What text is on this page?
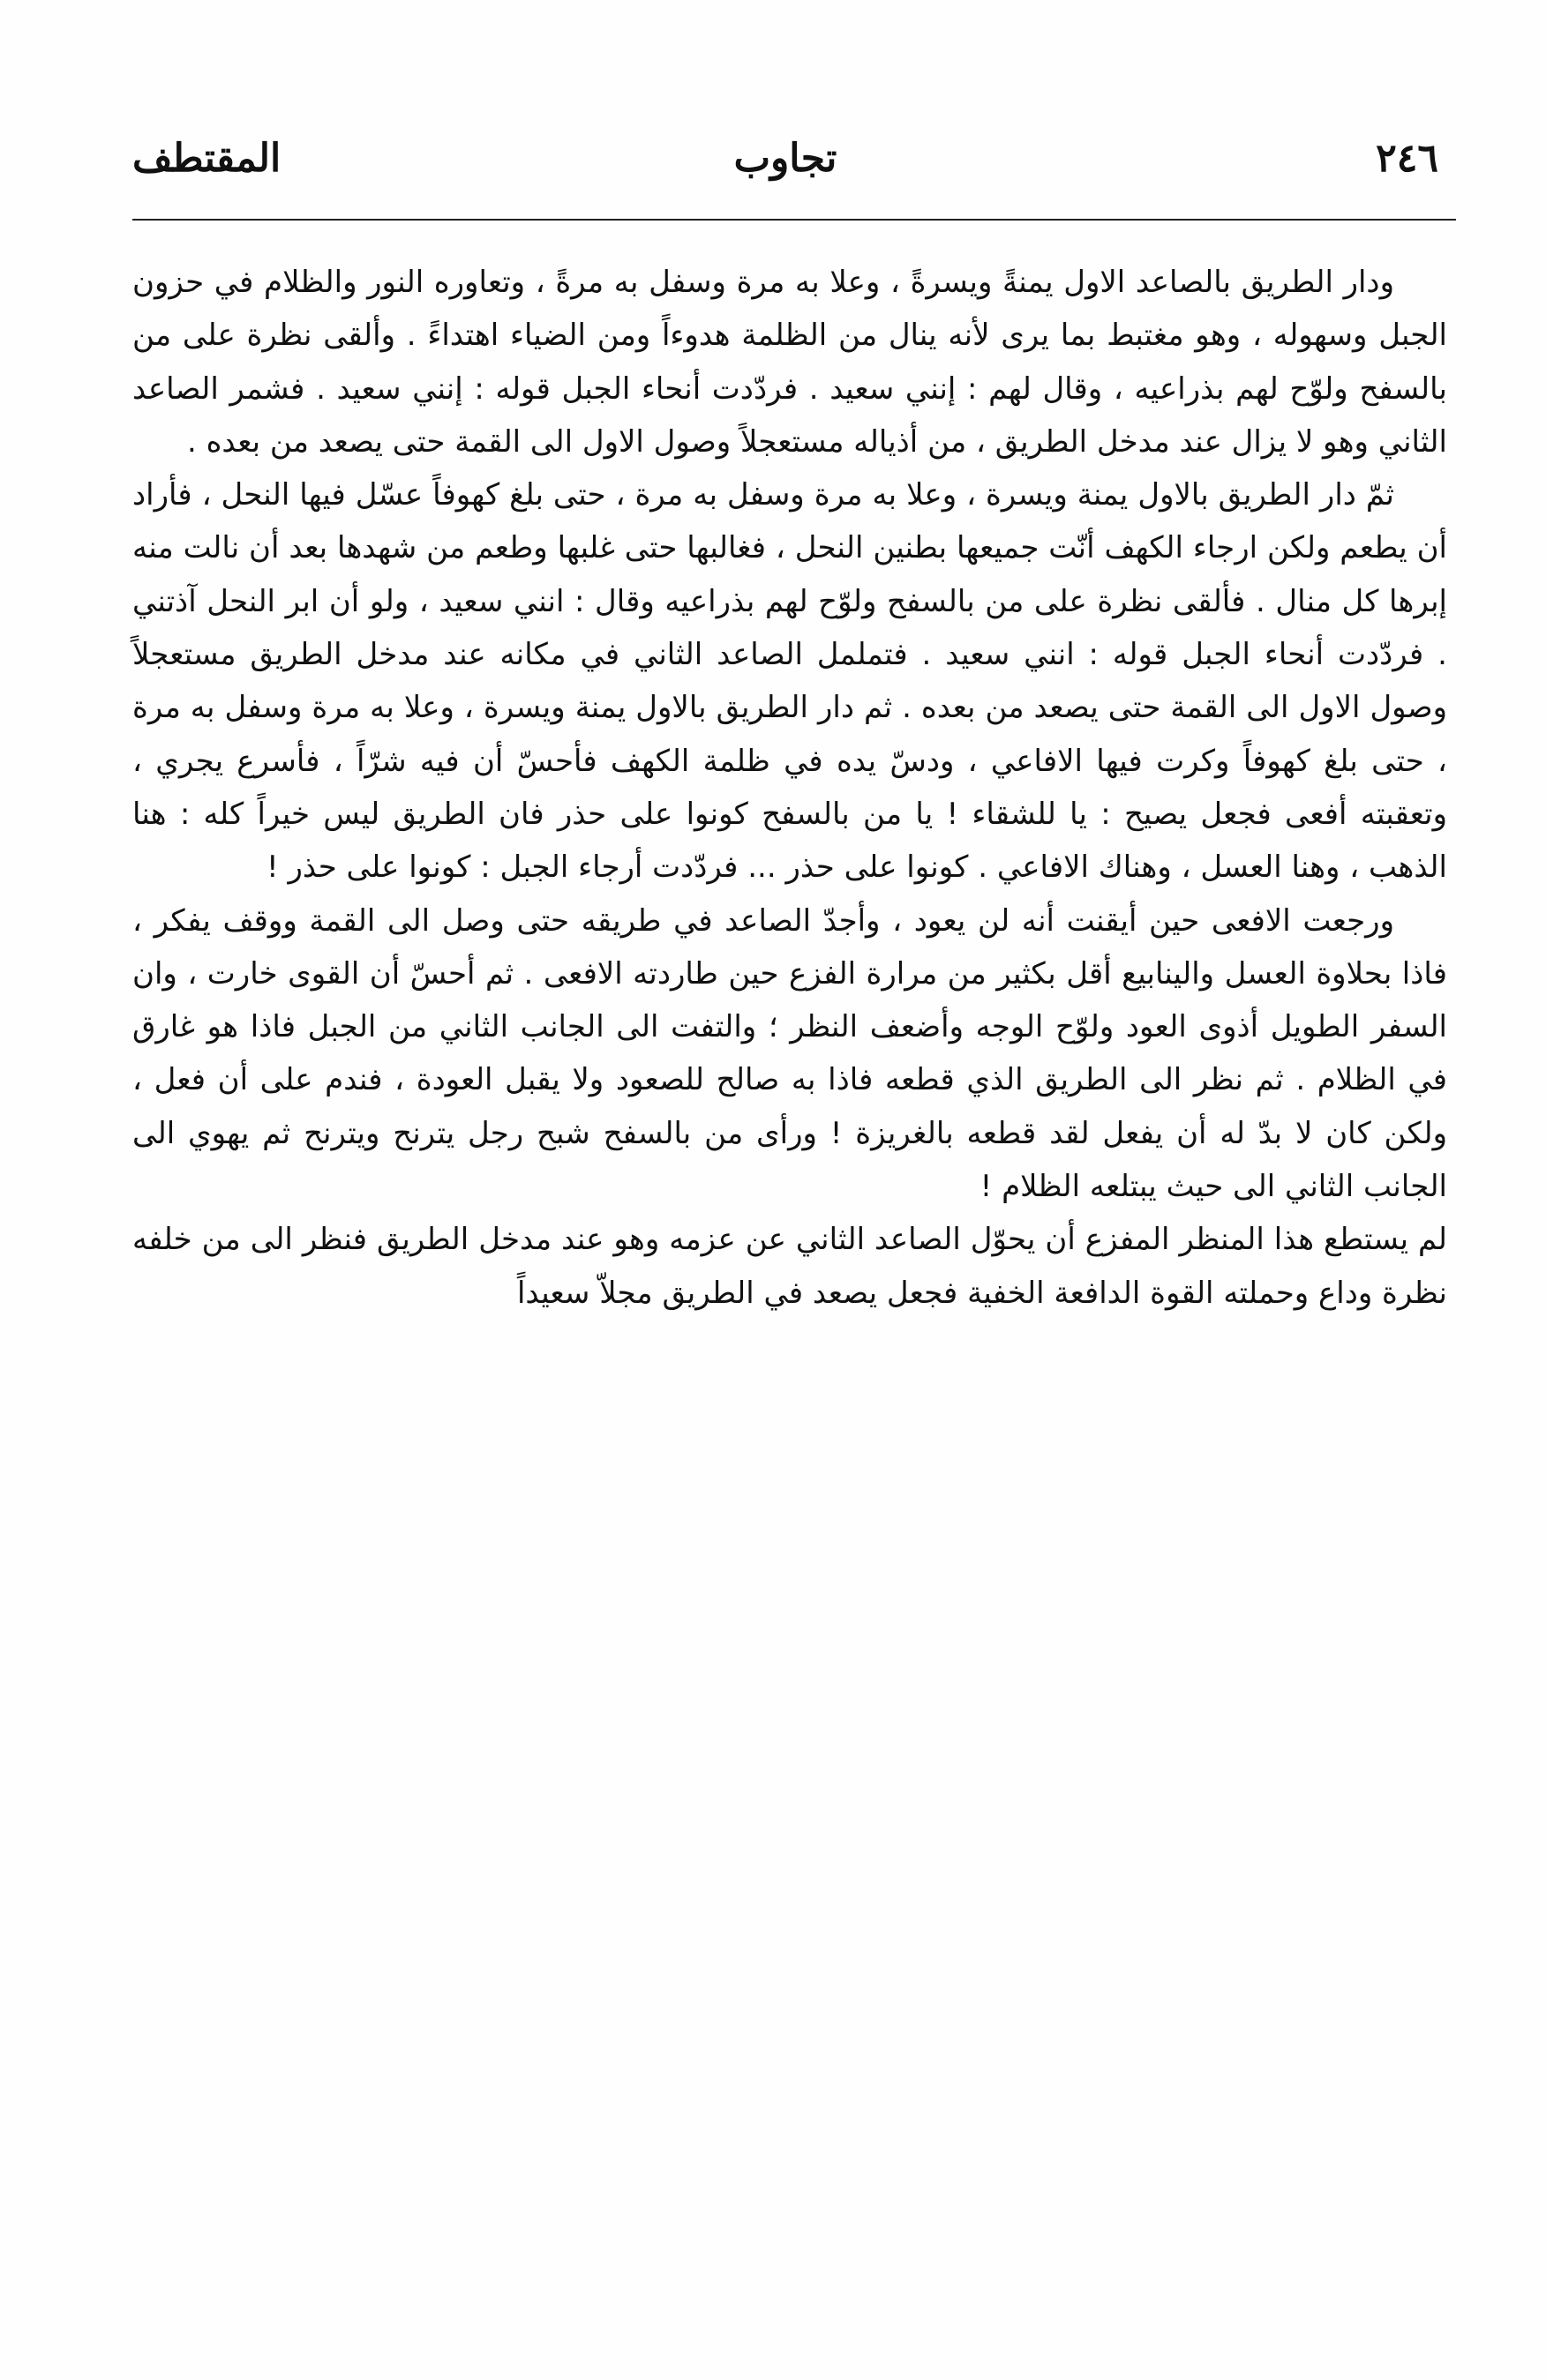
٢٤٦
تجاوب
المقتطف

ودار الطريق بالصاعد الاول يمنةً ويسرةً ، وعلا به مرة وسفل به مرةً ، وتعاوره النور والظلام في حزون الجبل وسهوله ، وهو مغتبط بما يرى لأنه ينال من الظلمة هدوءاً ومن الضياء اهتداءً . وألقى نظرة على من بالسفح ولوّح لهم بذراعيه ، وقال لهم : إنني سعيد . فردّدت أنحاء الجبل قوله : إنني سعيد . فشمر الصاعد الثاني وهو لا يزال عند مدخل الطريق ، من أذياله مستعجلاً وصول الاول الى القمة حتى يصعد من بعده .

ثمّ دار الطريق بالاول يمنة ويسرة ، وعلا به مرة وسفل به مرة ، حتى بلغ كهوفاً عسّل فيها النحل ، فأراد أن يطعم ولكن ارجاء الكهف أنّت جميعها بطنين النحل ، فغالبها حتى غلبها وطعم من شهدها بعد أن نالت منه إبرها كل منال . فألقى نظرة على من بالسفح ولوّح لهم بذراعيه وقال : انني سعيد ، ولو أن ابر النحل آذتني . فردّدت أنحاء الجبل قوله : انني سعيد . فتململ الصاعد الثاني في مكانه عند مدخل الطريق مستعجلاً وصول الاول الى القمة حتى يصعد من بعده . ثم دار الطريق بالاول يمنة ويسرة ، وعلا به مرة وسفل به مرة ، حتى بلغ كهوفاً وكرت فيها الافاعي ، ودسّ يده في ظلمة الكهف فأحسّ أن فيه شرّاً ، فأسرع يجري ، وتعقبته أفعى فجعل يصيح : يا للشقاء ! يا من بالسفح كونوا على حذر فان الطريق ليس خيراً كله : هنا الذهب ، وهنا العسل ، وهناك الافاعي . كونوا على حذر ... فردّدت أرجاء الجبل : كونوا على حذر !

ورجعت الافعى حين أيقنت أنه لن يعود ، وأجدّ الصاعد في طريقه حتى وصل الى القمة ووقف يفكر ، فاذا بحلاوة العسل والينابيع أقل بكثير من مرارة الفزع حين طاردته الافعى . ثم أحسّ أن القوى خارت ، وان السفر الطويل أذوى العود ولوّح الوجه وأضعف النظر ؛ والتفت الى الجانب الثاني من الجبل فاذا هو غارق في الظلام . ثم نظر الى الطريق الذي قطعه فاذا به صالح للصعود ولا يقبل العودة ، فندم على أن فعل ، ولكن كان لا بدّ له أن يفعل لقد قطعه بالغريزة ! ورأى من بالسفح شبح رجل يترنح ويترنح ثم يهوي الى الجانب الثاني الى حيث يبتلعه الظلام !

لم يستطع هذا المنظر المفزع أن يحوّل الصاعد الثاني عن عزمه وهو عند مدخل الطريق فنظر الى من خلفه نظرة وداع وحملته القوة الدافعة الخفية فجعل يصعد في الطريق مجلاّ سعيداً
